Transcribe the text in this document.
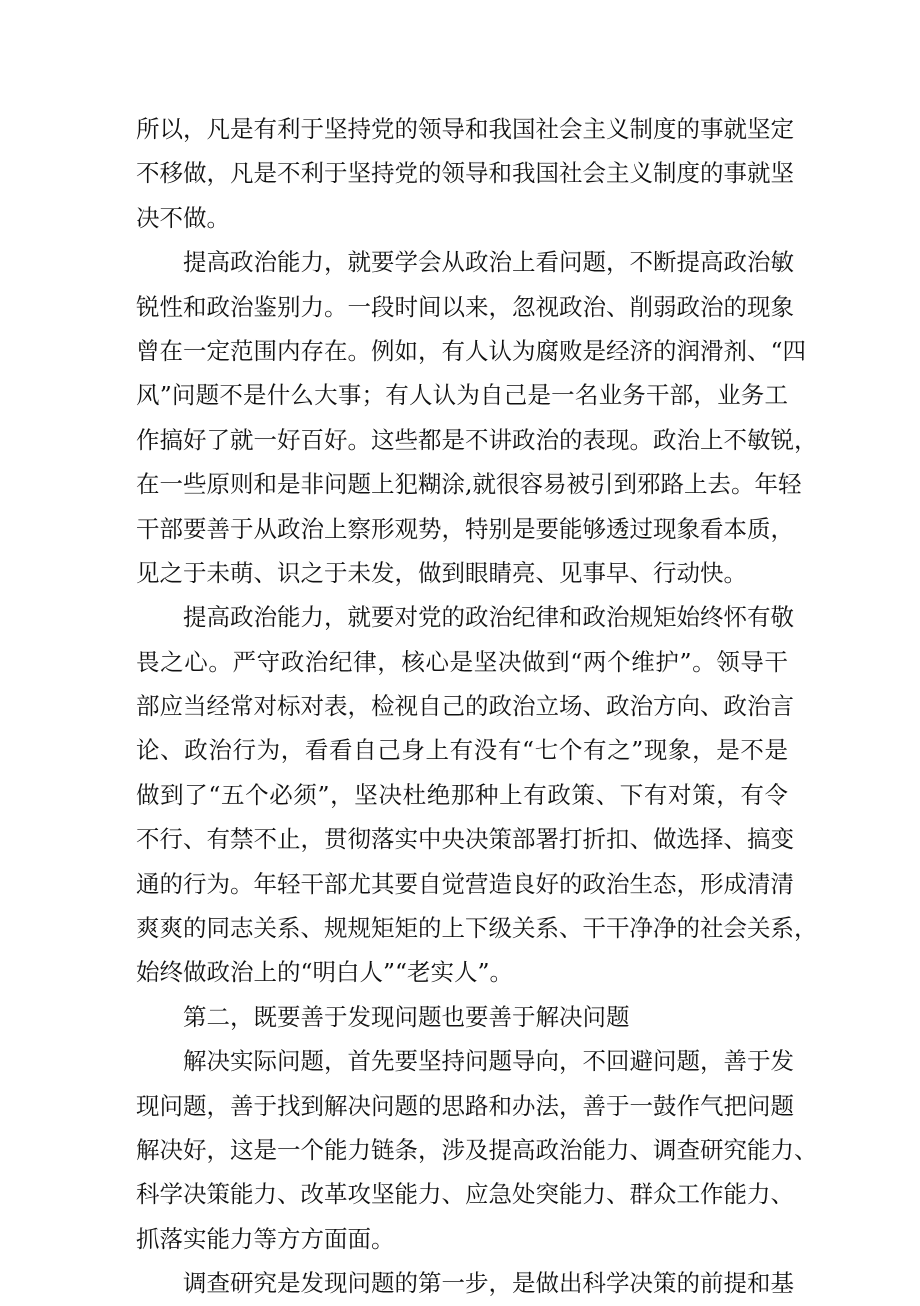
所以，凡是有利于坚持党的领导和我国社会主义制度的事就坚定
不移做，凡是不利于坚持党的领导和我国社会主义制度的事就坚
决不做。
提高政治能力，就要学会从政治上看问题，不断提高政治敏
锐性和政治鉴别力。一段时间以来，忽视政治、削弱政治的现象
曾在一定范围内存在。例如，有人认为腐败是经济的润滑剂、“四
风”问题不是什么大事；有人认为自己是一名业务干部，业务工
作搞好了就一好百好。这些都是不讲政治的表现。政治上不敏锐，
在一些原则和是非问题上犯糊涂,就很容易被引到邪路上去。年轻
干部要善于从政治上察形观势，特别是要能够透过现象看本质，
见之于未萌、识之于未发，做到眼睛亮、见事早、行动快。
提高政治能力，就要对党的政治纪律和政治规矩始终怀有敬
畏之心。严守政治纪律，核心是坚决做到“两个维护”。领导干
部应当经常对标对表，检视自己的政治立场、政治方向、政治言
论、政治行为，看看自己身上有没有“七个有之”现象，是不是
做到了“五个必须”，坚决杜绝那种上有政策、下有对策，有令
不行、有禁不止，贯彻落实中央决策部署打折扣、做选择、搞变
通的行为。年轻干部尤其要自觉营造良好的政治生态，形成清清
爽爽的同志关系、规规矩矩的上下级关系、干干净净的社会关系，
始终做政治上的“明白人”“老实人”。
第二，既要善于发现问题也要善于解决问题
解决实际问题，首先要坚持问题导向，不回避问题，善于发
现问题，善于找到解决问题的思路和办法，善于一鼓作气把问题
解决好，这是一个能力链条，涉及提高政治能力、调查研究能力、
科学决策能力、改革攻坚能力、应急处突能力、群众工作能力、
抓落实能力等方方面面。
调查研究是发现问题的第一步，是做出科学决策的前提和基
